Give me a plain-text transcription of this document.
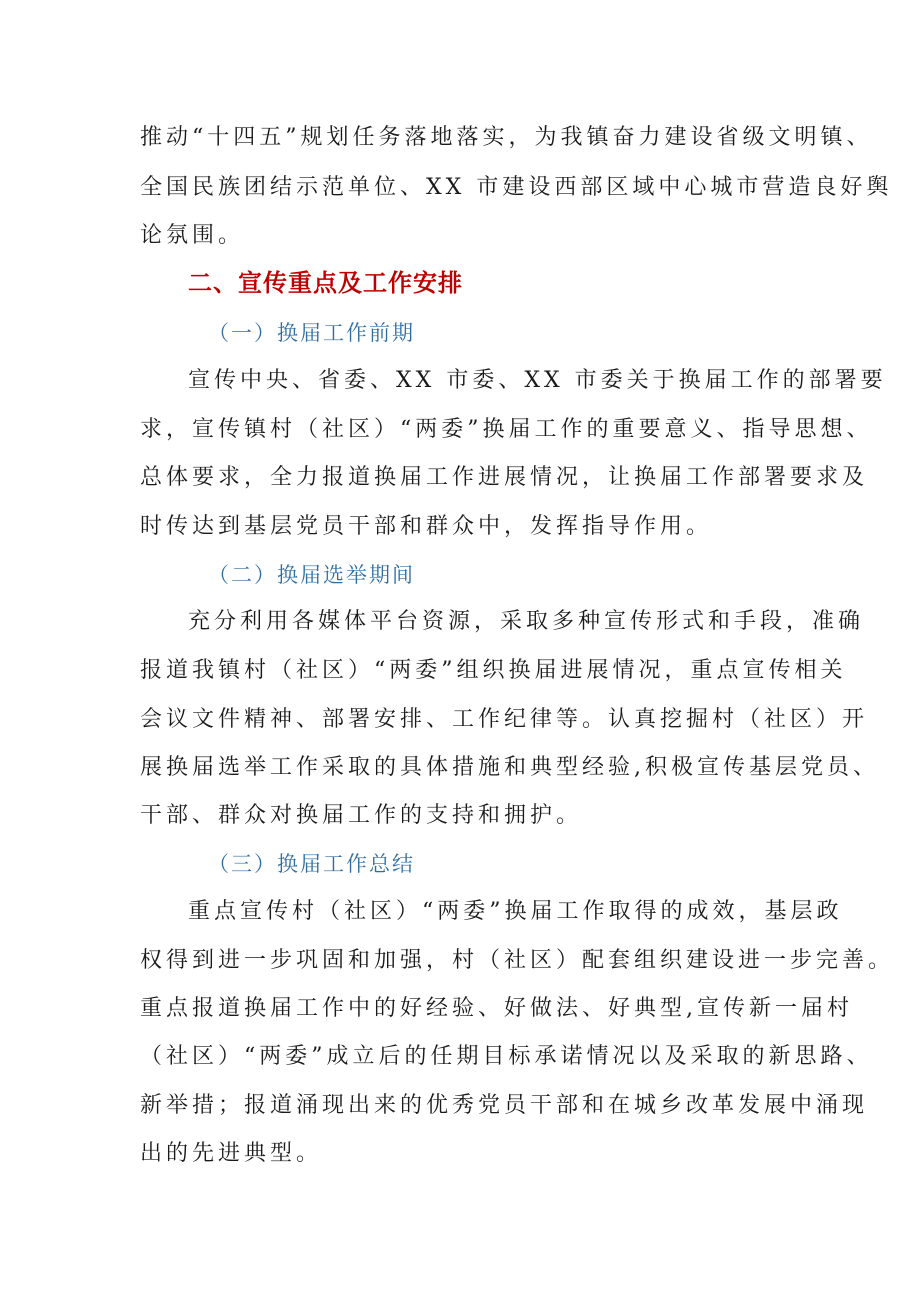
推动“十四五”规划任务落地落实，为我镇奋力建设省级文明镇、
全国民族团结示范单位、XX 市建设西部区域中心城市营造良好舆
论氛围。
二、宣传重点及工作安排
（一）换届工作前期
宣传中央、省委、XX 市委、XX 市委关于换届工作的部署要
求，宣传镇村（社区）“两委”换届工作的重要意义、指导思想、
总体要求，全力报道换届工作进展情况，让换届工作部署要求及
时传达到基层党员干部和群众中，发挥指导作用。
（二）换届选举期间
充分利用各媒体平台资源，采取多种宣传形式和手段，准确
报道我镇村（社区）“两委”组织换届进展情况，重点宣传相关
会议文件精神、部署安排、工作纪律等。认真挖掘村（社区）开
展换届选举工作采取的具体措施和典型经验,积极宣传基层党员、
干部、群众对换届工作的支持和拥护。
（三）换届工作总结
重点宣传村（社区）“两委”换届工作取得的成效，基层政
权得到进一步巩固和加强，村（社区）配套组织建设进一步完善。
重点报道换届工作中的好经验、好做法、好典型,宣传新一届村
（社区）“两委”成立后的任期目标承诺情况以及采取的新思路、
新举措；报道涌现出来的优秀党员干部和在城乡改革发展中涌现
出的先进典型。
